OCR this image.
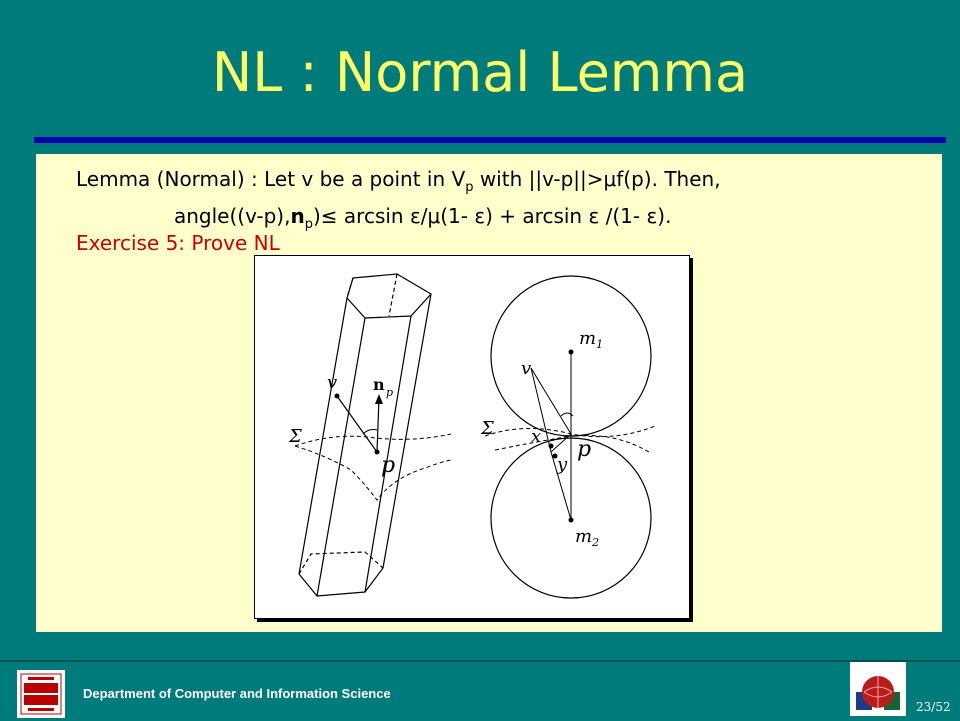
NL : Normal Lemma
Lemma (Normal) : Let v be a point in $V_p$ with ||v-p||>μf(p). Then,
$angle((v-p),n_p)\le \arcsin \varepsilon/\mu(1-$ ε) + arcsin ε /(1- ε).
Exercise 5: Prove NL
v n p
Σ
p
$m_1$
v
Σ x
y
p
$m_2$
Department of Computer and Information Science
23/52
